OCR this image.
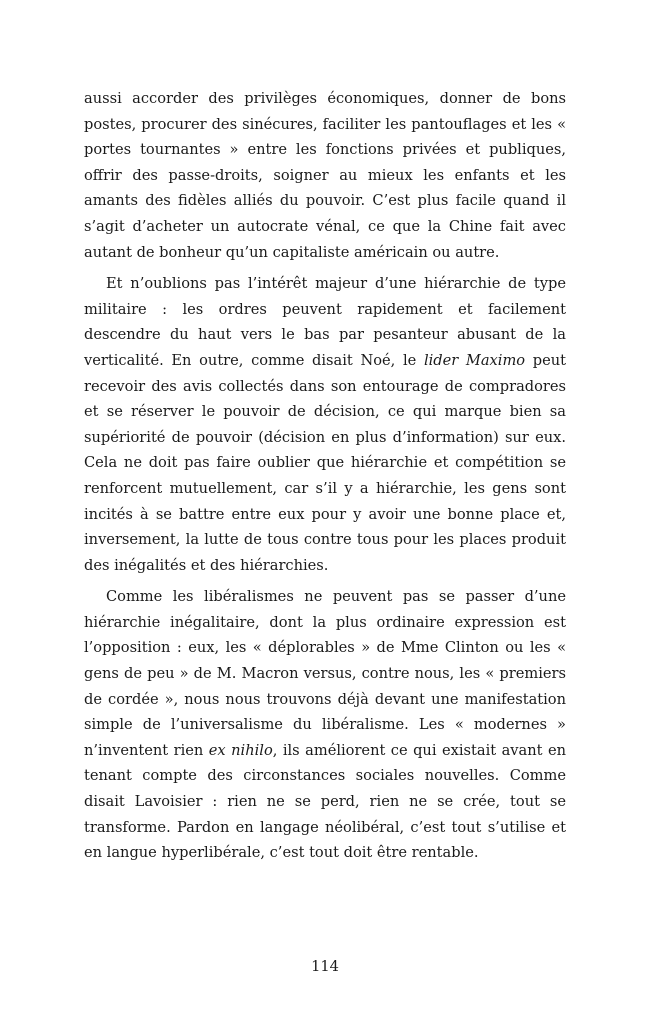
aussi accorder des privilèges économiques, donner de bons postes, procurer des sinécures, faciliter les pantouflages et les « portes tournantes » entre les fonctions privées et publiques, offrir des passe-droits, soigner au mieux les enfants et les amants des fidèles alliés du pouvoir. C’est plus facile quand il s’agit d’acheter un autocrate vénal, ce que la Chine fait avec autant de bonheur qu’un capitaliste américain ou autre.

Et n’oublions pas l’intérêt majeur d’une hiérarchie de type militaire : les ordres peuvent rapidement et facilement descendre du haut vers le bas par pesanteur abusant de la verticalité. En outre, comme disait Noé, le lider Maximo peut recevoir des avis collectés dans son entourage de compradores et se réserver le pouvoir de décision, ce qui marque bien sa supériorité de pouvoir (décision en plus d’information) sur eux. Cela ne doit pas faire oublier que hiérarchie et compétition se renforcent mutuellement, car s’il y a hiérarchie, les gens sont incités à se battre entre eux pour y avoir une bonne place et, inversement, la lutte de tous contre tous pour les places produit des inégalités et des hiérarchies.

Comme les libéralismes ne peuvent pas se passer d’une hiérarchie inégalitaire, dont la plus ordinaire expression est l’opposition : eux, les « déplorables » de Mme Clinton ou les « gens de peu » de M. Macron versus, contre nous, les « premiers de cordée », nous nous trouvons déjà devant une manifestation simple de l’universalisme du libéralisme. Les « modernes » n’inventent rien ex nihilo, ils améliorent ce qui existait avant en tenant compte des circonstances sociales nouvelles. Comme disait Lavoisier : rien ne se perd, rien ne se crée, tout se transforme. Pardon en langage néolibéral, c’est tout s’utilise et en langue hyperlibérale, c’est tout doit être rentable.

114
